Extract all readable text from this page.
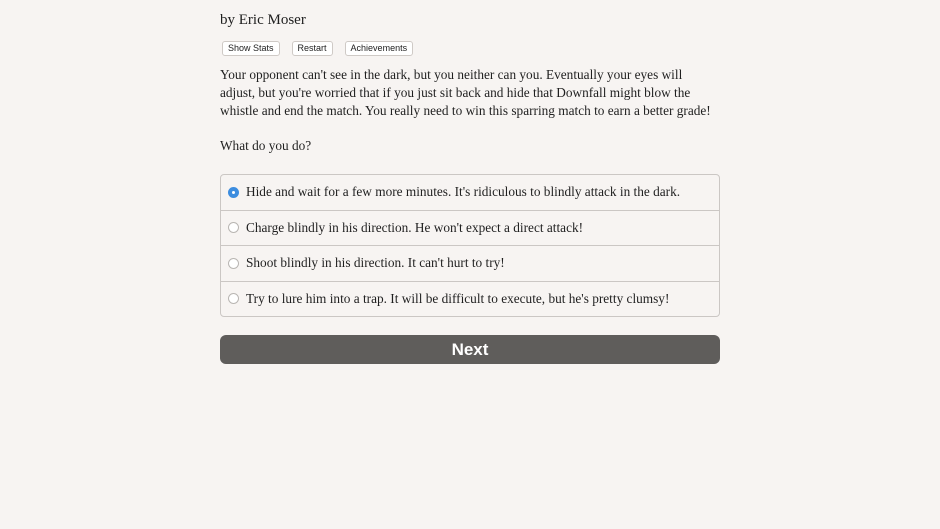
by Eric Moser
Show Stats	Restart	Achievements

Your opponent can't see in the dark, but you neither can you. Eventually your eyes will adjust, but you're worried that if you just sit back and hide that Downfall might blow the whistle and end the match. You really need to win this sparring match to earn a better grade!

What do you do?

Hide and wait for a few more minutes. It's ridiculous to blindly attack in the dark.
Charge blindly in his direction. He won't expect a direct attack!
Shoot blindly in his direction. It can't hurt to try!
Try to lure him into a trap. It will be difficult to execute, but he's pretty clumsy!
Next
